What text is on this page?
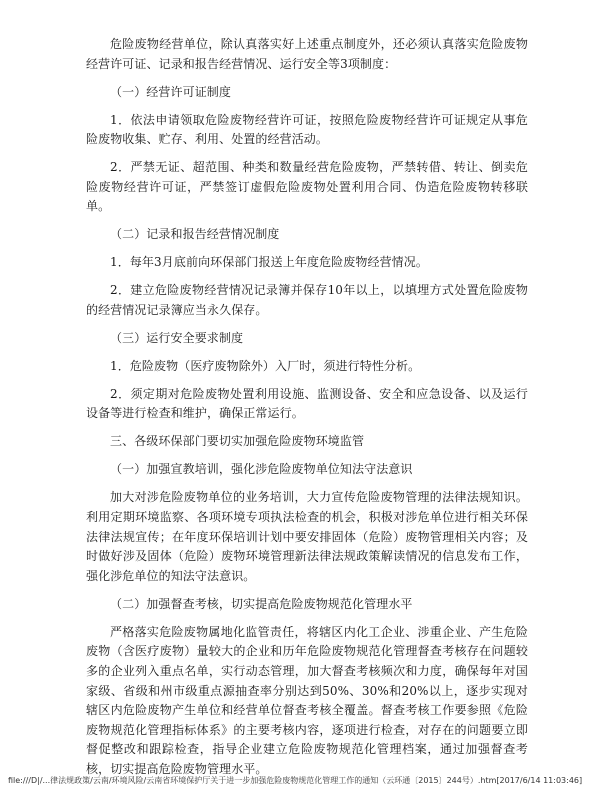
危险废物经营单位，除认真落实好上述重点制度外，还必须认真落实危险废物经营许可证、记录和报告经营情况、运行安全等3项制度：

（一）经营许可证制度

1．依法申请领取危险废物经营许可证，按照危险废物经营许可证规定从事危险废物收集、贮存、利用、处置的经营活动。

2．严禁无证、超范围、种类和数量经营危险废物，严禁转借、转让、倒卖危险废物经营许可证，严禁签订虚假危险废物处置利用合同、伪造危险废物转移联单。

（二）记录和报告经营情况制度

1．每年3月底前向环保部门报送上年度危险废物经营情况。

2．建立危险废物经营情况记录簿并保存10年以上，以填埋方式处置危险废物的经营情况记录簿应当永久保存。

（三）运行安全要求制度

1．危险废物（医疗废物除外）入厂时，须进行特性分析。

2．须定期对危险废物处置利用设施、监测设备、安全和应急设备、以及运行设备等进行检查和维护，确保正常运行。

三、各级环保部门要切实加强危险废物环境监管

（一）加强宣教培训，强化涉危险废物单位知法守法意识

加大对涉危险废物单位的业务培训，大力宣传危险废物管理的法律法规知识。利用定期环境监察、各项环境专项执法检查的机会，积极对涉危单位进行相关环保法律法规宣传；在年度环保培训计划中要安排固体（危险）废物管理相关内容；及时做好涉及固体（危险）废物环境管理新法律法规政策解读情况的信息发布工作，强化涉危单位的知法守法意识。

（二）加强督查考核，切实提高危险废物规范化管理水平

严格落实危险废物属地化监管责任，将辖区内化工企业、涉重企业、产生危险废物（含医疗废物）量较大的企业和历年危险废物规范化管理督查考核存在问题较多的企业列入重点名单，实行动态管理，加大督查考核频次和力度，确保每年对国家级、省级和州市级重点源抽查率分别达到50%、30%和20%以上，逐步实现对辖区内危险废物产生单位和经营单位督查考核全覆盖。督查考核工作要参照《危险废物规范化管理指标体系》的主要考核内容，逐项进行检查，对存在的问题要立即督促整改和跟踪检查，指导企业建立危险废物规范化管理档案，通过加强督查考核，切实提高危险废物管理水平。

file:///D|/...律法规政策/云南/环境风险/云南省环境保护厅关于进一步加强危险废物规范化管理工作的通知（云环通〔2015〕244号）.htm[2017/6/14 11:03:46]
